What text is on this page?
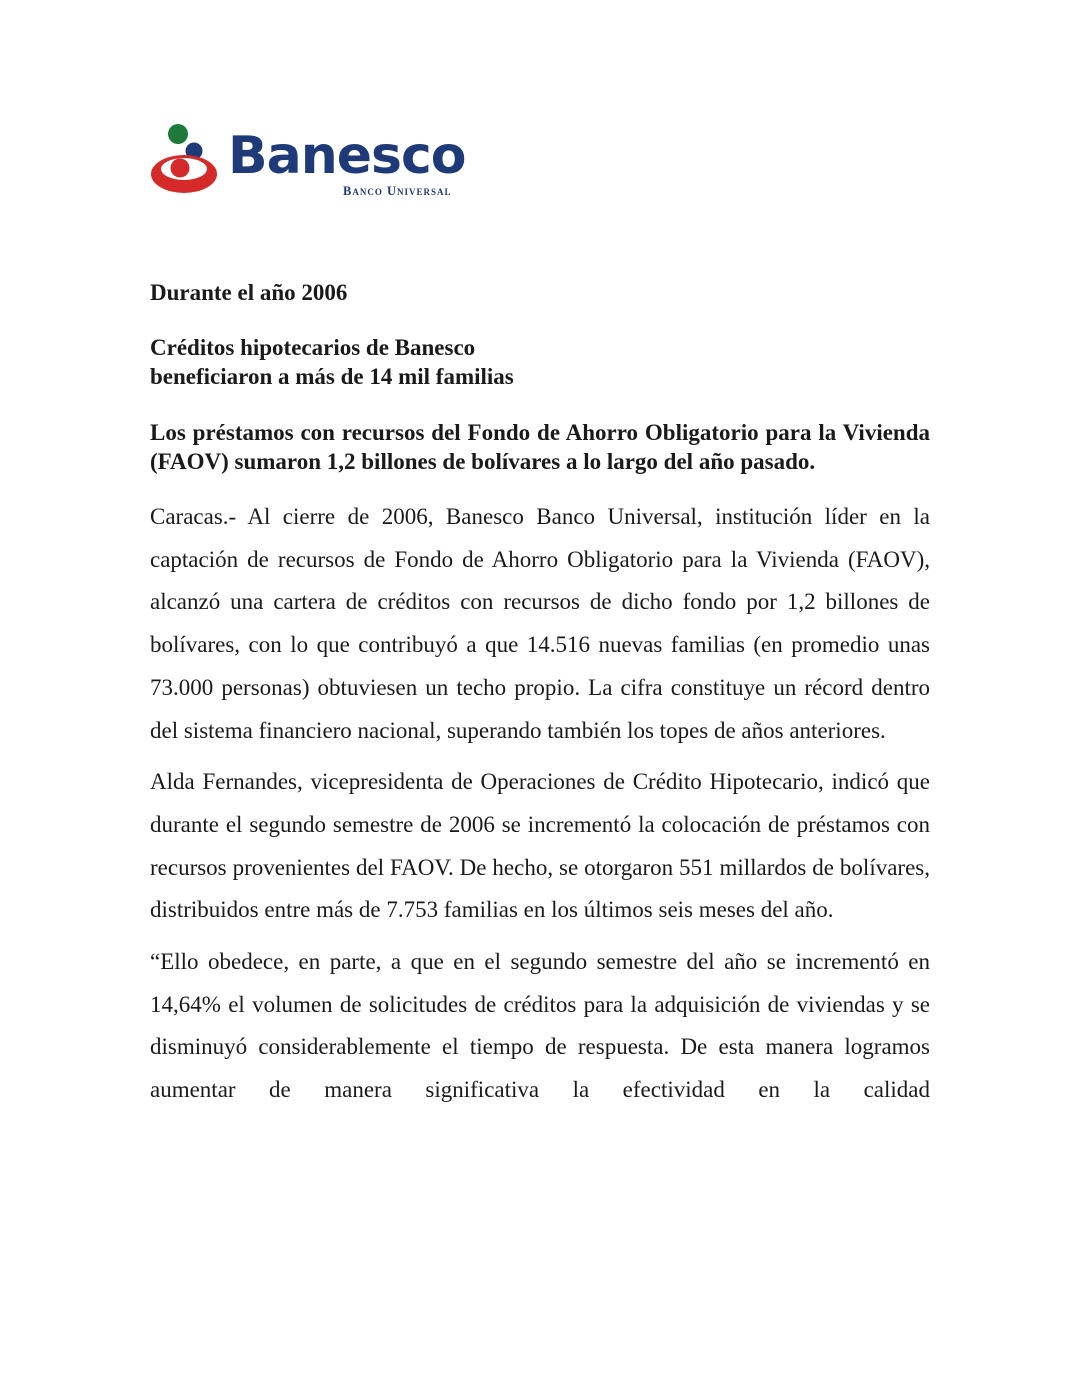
Banesco
Banco Universal
Durante el año 2006
Créditos hipotecarios de Banesco
beneficiaron a más de 14 mil familias
Los préstamos con recursos del Fondo de Ahorro Obligatorio para la Vivienda (FAOV) sumaron 1,2 billones de bolívares a lo largo del año pasado.

Caracas.- Al cierre de 2006, Banesco Banco Universal, institución líder en la captación de recursos de Fondo de Ahorro Obligatorio para la Vivienda (FAOV), alcanzó una cartera de créditos con recursos de dicho fondo por 1,2 billones de bolívares, con lo que contribuyó a que 14.516 nuevas familias (en promedio unas 73.000 personas) obtuviesen un techo propio. La cifra constituye un récord dentro del sistema financiero nacional, superando también los topes de años anteriores.

Alda Fernandes, vicepresidenta de Operaciones de Crédito Hipotecario, indicó que durante el segundo semestre de 2006 se incrementó la colocación de préstamos con recursos provenientes del FAOV. De hecho, se otorgaron 551 millardos de bolívares, distribuidos entre más de 7.753 familias en los últimos seis meses del año.

“Ello obedece, en parte, a que en el segundo semestre del año se incrementó en 14,64% el volumen de solicitudes de créditos para la adquisición de viviendas y se disminuyó considerablemente el tiempo de respuesta. De esta manera logramos aumentar de manera significativa la efectividad en la calidad
